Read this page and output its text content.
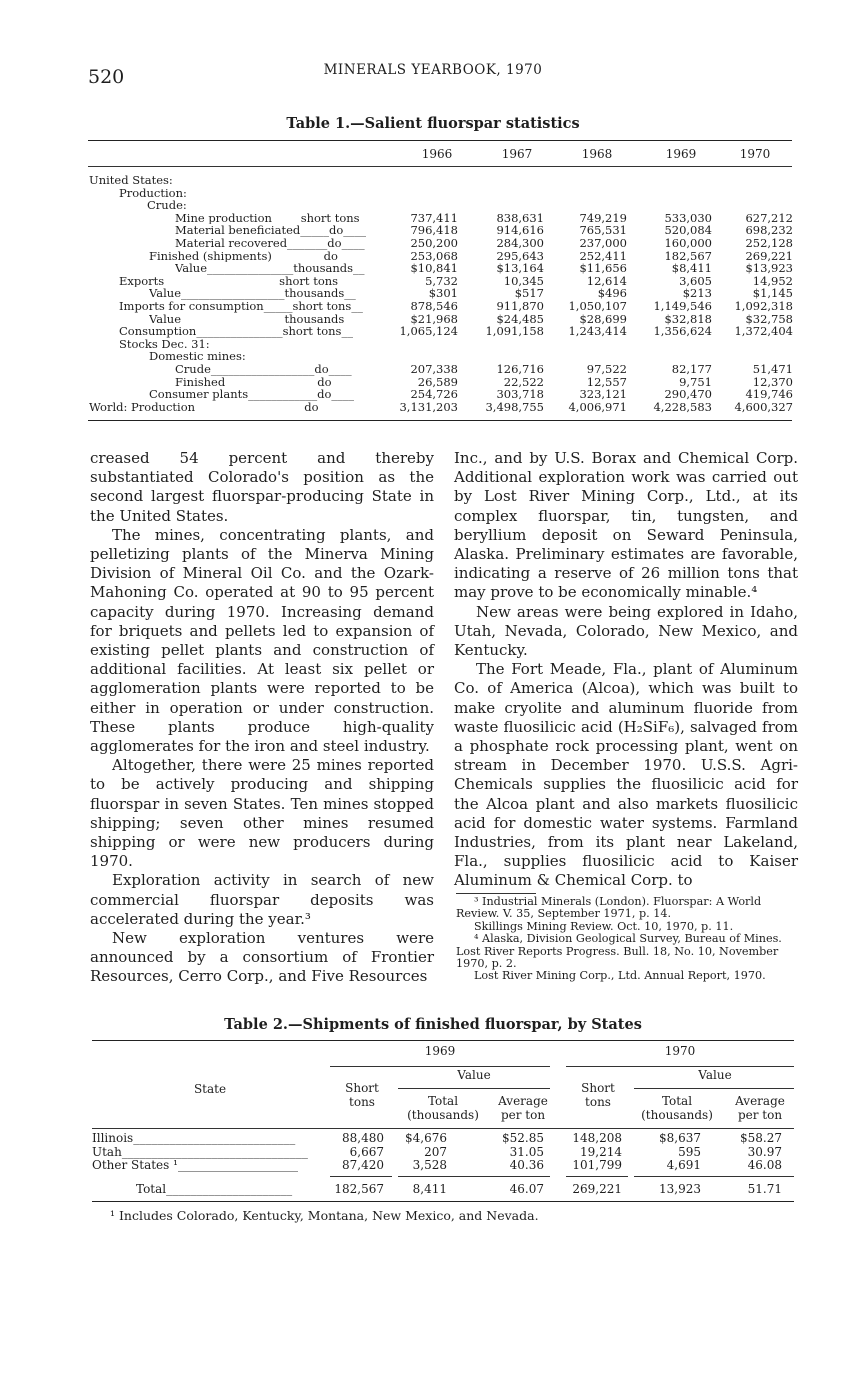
520	MINERALS YEARBOOK, 1970
Table 1.—Salient fluorspar statistics
1966	1967	1968	1969	1970
United States:
Production:
Crude:
Mine production_____short tons__	737,411	838,631	749,219	533,030	627,212
Material beneficiated_____do____	796,418	914,616	765,531	520,084	698,232
Material recovered_______do____	250,200	284,300	237,000	160,000	252,128
Finished (shipments)_________do____	253,068	295,643	252,411	182,567	269,221
Value_______________thousands__	$10,841	$13,164	$11,656	$8,411	$13,923
Exports____________________short tons__	5,732	10,345	12,614	3,605	14,952
Value__________________thousands__	$301	$517	$496	$213	$1,145
Imports for consumption_____short tons__	878,546	911,870	1,050,107	1,149,546	1,092,318
Value__________________thousands__	$21,968	$24,485	$28,699	$32,818	$32,758
Consumption_______________short tons__	1,065,124	1,091,158	1,243,414	1,356,624	1,372,404
Stocks Dec. 31:
Domestic mines:
Crude__________________do____	207,338	126,716	97,522	82,177	51,471
Finished________________do____	26,589	22,522	12,557	9,751	12,370
Consumer plants____________do____	254,726	303,718	323,121	290,470	419,746
World: Production___________________do____	3,131,203	3,498,755	4,006,971	4,228,583	4,600,327

creased 54 percent and thereby substantiated Colorado's position as the second largest fluorspar-producing State in the United States.

The mines, concentrating plants, and pelletizing plants of the Minerva Mining Division of Mineral Oil Co. and the Ozark-Mahoning Co. operated at 90 to 95 percent capacity during 1970. Increasing demand for briquets and pellets led to expansion of existing pellet plants and construction of additional facilities. At least six pellet or agglomeration plants were reported to be either in operation or under construction. These plants produce high-quality agglomerates for the iron and steel industry.

Altogether, there were 25 mines reported to be actively producing and shipping fluorspar in seven States. Ten mines stopped shipping; seven other mines resumed shipping or were new producers during 1970.

Exploration activity in search of new commercial fluorspar deposits was accelerated during the year.³

New exploration ventures were announced by a consortium of Frontier Resources, Cerro Corp., and Five Resources

Inc., and by U.S. Borax and Chemical Corp. Additional exploration work was carried out by Lost River Mining Corp., Ltd., at its complex fluorspar, tin, tungsten, and beryllium deposit on Seward Peninsula, Alaska. Preliminary estimates are favorable, indicating a reserve of 26 million tons that may prove to be economically minable.⁴

New areas were being explored in Idaho, Utah, Nevada, Colorado, New Mexico, and Kentucky.

The Fort Meade, Fla., plant of Aluminum Co. of America (Alcoa), which was built to make cryolite and aluminum fluoride from waste fluosilicic acid (H₂SiF₆), salvaged from a phosphate rock processing plant, went on stream in December 1970. U.S.S. Agri-Chemicals supplies the fluosilicic acid for the Alcoa plant and also markets fluosilicic acid for domestic water systems. Farmland Industries, from its plant near Lakeland, Fla., supplies fluosilicic acid to Kaiser Aluminum & Chemical Corp. to

³ Industrial Minerals (London). Fluorspar: A World Review. V. 35, September 1971, p. 14.

Skillings Mining Review. Oct. 10, 1970, p. 11.

⁴ Alaska, Division Geological Survey, Bureau of Mines. Lost River Reports Progress. Bull. 18, No. 10, November 1970, p. 2.

Lost River Mining Corp., Ltd. Annual Report, 1970.

Table 2.—Shipments of finished fluorspar, by States
State
1969	1970
Short tons
Value
Total (thousands)
Average per ton
Short tons
Value
Total (thousands)
Average per ton
Illinois___________________________	88,480	$4,676	$52.85	148,208	$8,637	$58.27
Utah_______________________________	6,667	207	31.05	19,214	595	30.97
Other States ¹____________________	87,420	3,528	40.36	101,799	4,691	46.08
Total_____________________	182,567	8,411	46.07	269,221	13,923	51.71
¹ Includes Colorado, Kentucky, Montana, New Mexico, and Nevada.
